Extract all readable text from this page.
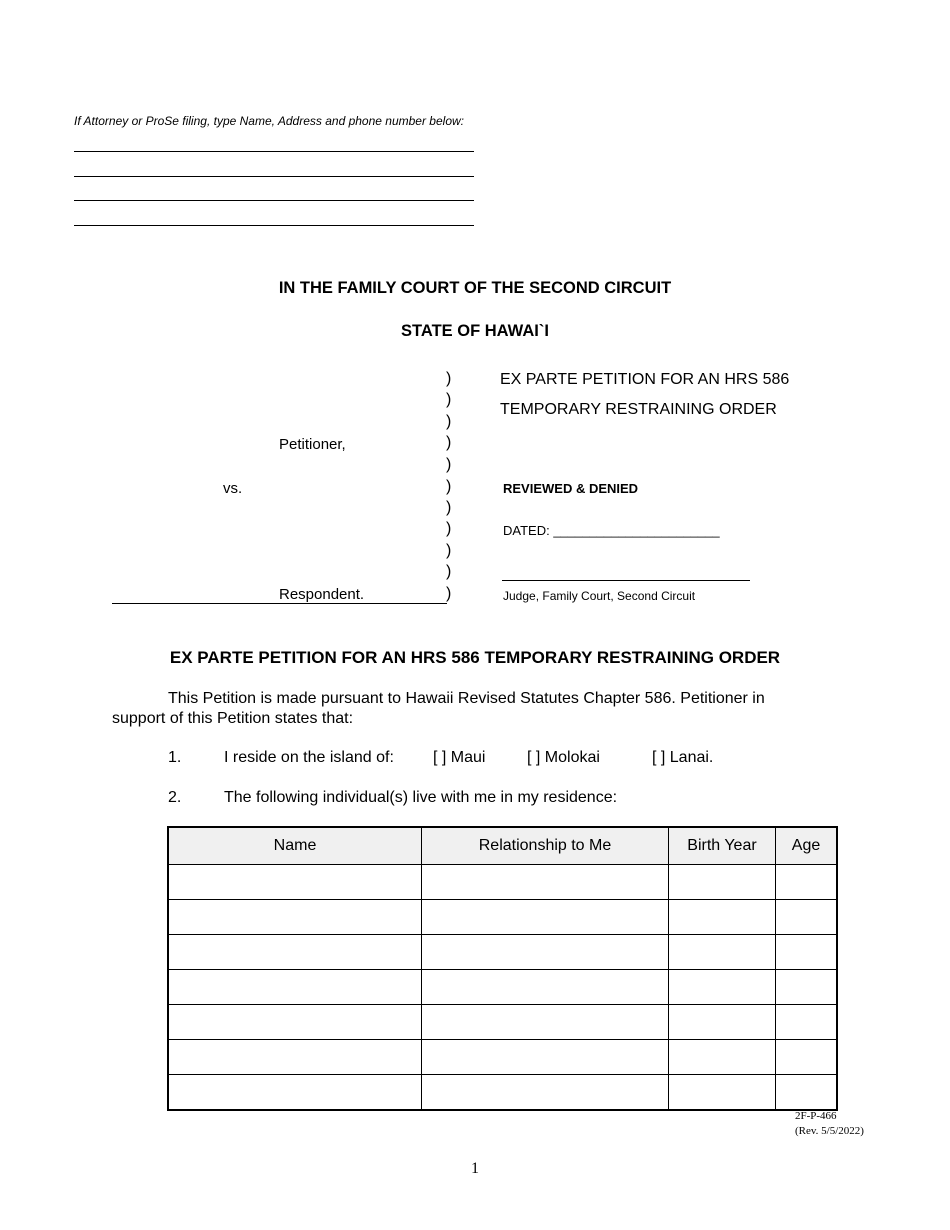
If Attorney or ProSe filing, type Name, Address and phone number below:
IN THE FAMILY COURT OF THE SECOND CIRCUIT
STATE OF HAWAI`I
)
)
)
)
)
)
)
)
)
)
)
Petitioner,
vs.
Respondent.
EX PARTE PETITION FOR AN HRS 586
TEMPORARY RESTRAINING ORDER
REVIEWED & DENIED
DATED: _______________________
Judge, Family Court, Second Circuit
EX PARTE PETITION FOR AN HRS 586 TEMPORARY RESTRAINING ORDER
This Petition is made pursuant to Hawaii Revised Statutes Chapter 586. Petitioner in
support of this Petition states that:
1.	I reside on the island of: [ ] Maui	[ ] Molokai	[ ] Lanai.
2.	The following individual(s) live with me in my residence:
Name	Relationship to Me	Birth Year	Age

2F-P-466
(Rev. 5/5/2022)
1
